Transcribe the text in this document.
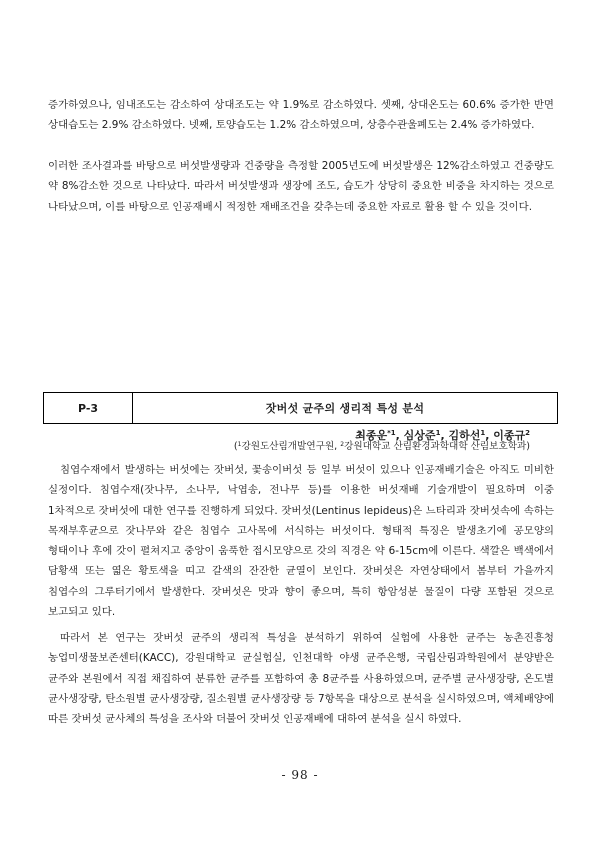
증가하였으나, 임내조도는 감소하여 상대조도는 약 1.9%로 감소하였다. 셋째, 상대온도는 60.6% 증가한 반면 상대습도는 2.9% 감소하였다. 넷째, 토양습도는 1.2% 감소하였으며, 상층수관울폐도는 2.4% 증가하였다.

이러한 조사결과를 바탕으로 버섯발생량과 건중량을 측정할 2005년도에 버섯발생은 12%감소하였고 건중량도 약 8%감소한 것으로 나타났다. 따라서 버섯발생과 생장에 조도, 습도가 상당히 중요한 비중을 차지하는 것으로 나타났으며, 이를 바탕으로 인공재배시 적정한 재배조건을 갖추는데 중요한 자료로 활용 할 수 있을 것이다.

P-3	잣버섯 균주의 생리적 특성 분석
최종운$^{*1}$, 심상준$^1$, 김하선$^1$, 이종규$^2$
($^1$강원도산림개발연구원, $^2$강원대학교 산림환경과학대학 산림보호학과)

침엽수재에서 발생하는 버섯에는 잣버섯, 꽃송이버섯 등 일부 버섯이 있으나 인공재배기술은 아직도 미비한 실정이다. 침엽수재(잣나무, 소나무, 낙엽송, 전나무 등)를 이용한 버섯재배 기술개발이 필요하며 이중 1차적으로 잣버섯에 대한 연구를 진행하게 되었다. 잣버섯(Lentinus lepideus)은 느타리과 잣버섯속에 속하는 목재부후균으로 잣나무와 같은 침엽수 고사목에 서식하는 버섯이다. 형태적 특징은 발생초기에 공모양의 형태이나 후에 갓이 펼쳐지고 중앙이 움푹한 접시모양으로 갓의 직경은 약 6-15cm에 이른다. 색깔은 백색에서 담황색 또는 엷은 황토색을 띠고 갈색의 잔잔한 균열이 보인다. 잣버섯은 자연상태에서 봄부터 가을까지 침엽수의 그루터기에서 발생한다. 잣버섯은 맛과 향이 좋으며, 특히 항암성분 물질이 다량 포함된 것으로 보고되고 있다.

따라서 본 연구는 잣버섯 균주의 생리적 특성을 분석하기 위하여 실험에 사용한 균주는 농촌진흥청 농업미생물보존센터(KACC), 강원대학교 균실험실, 인천대학 야생 균주은행, 국립산림과학원에서 분양받은 균주와 본원에서 직접 채집하여 분류한 균주를 포함하여 총 8균주를 사용하였으며, 균주별 균사생장량, 온도별 균사생장량, 탄소원별 균사생장량, 질소원별 균사생장량 등 7항목을 대상으로 분석을 실시하였으며, 액체배양에 따른 잣버섯 균사체의 특성을 조사와 더불어 잣버섯 인공재배에 대하여 분석을 실시 하였다.

- 98 -
